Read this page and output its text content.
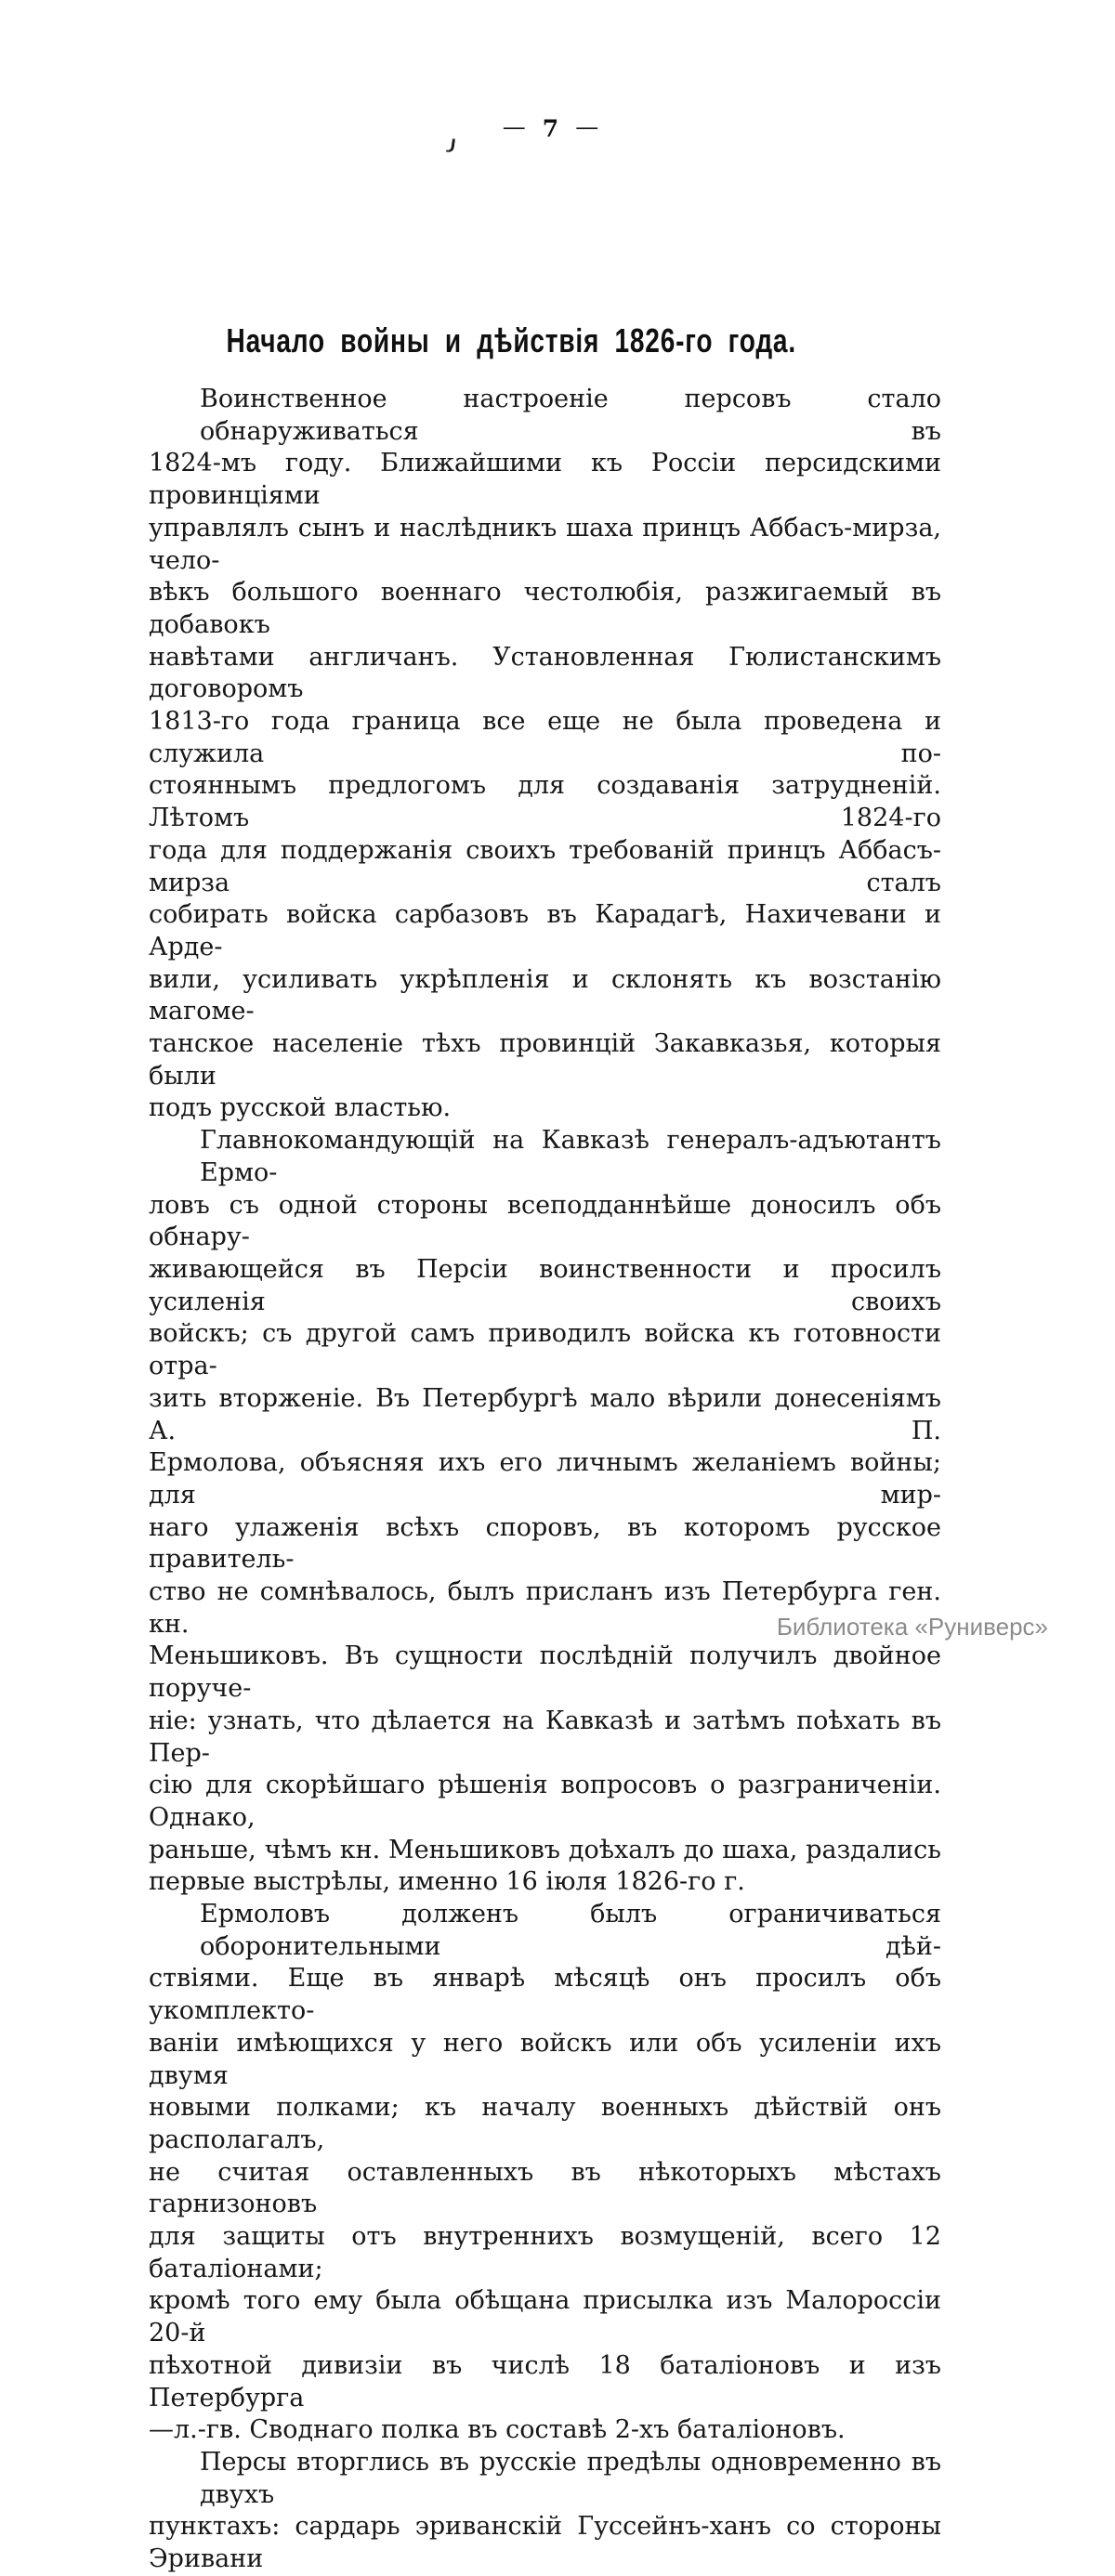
— 7 —
Начало войны и дѣйствія 1826-го года.
Воинственное настроеніе персовъ стало обнаруживаться въ
1824-мъ году. Ближайшими къ Россіи персидскими провинціями
управлялъ сынъ и наслѣдникъ шаха принцъ Аббасъ-мирза, чело-
вѣкъ большого военнаго честолюбія, разжигаемый въ добавокъ
навѣтами англичанъ. Установленная Гюлистанскимъ договоромъ
1813-го года граница все еще не была проведена и служила по-
стояннымъ предлогомъ для создаванія затрудненій. Лѣтомъ 1824-го
года для поддержанія своихъ требованій принцъ Аббасъ-мирза сталъ
собирать войска сарбазовъ въ Карадагѣ, Нахичевани и Арде-
вили, усиливать укрѣпленія и склонять къ возстанію магоме-
танское населеніе тѣхъ провинцій Закавказья, которыя были
подъ русской властью.
Главнокомандующій на Кавказѣ генералъ-адъютантъ Ермо-
ловъ съ одной стороны всеподданнѣйше доносилъ объ обнару-
живающейся въ Персіи воинственности и просилъ усиленія своихъ
войскъ; съ другой самъ приводилъ войска къ готовности отра-
зить вторженіе. Въ Петербургѣ мало вѣрили донесеніямъ А. П.
Ермолова, объясняя ихъ его личнымъ желаніемъ войны; для мир-
наго улаженія всѣхъ споровъ, въ которомъ русское правитель-
ство не сомнѣвалось, былъ присланъ изъ Петербурга ген. кн.
Меньшиковъ. Въ сущности послѣдній получилъ двойное поруче-
ніе: узнать, что дѣлается на Кавказѣ и затѣмъ поѣхать въ Пер-
сію для скорѣйшаго рѣшенія вопросовъ о разграниченіи. Однако,
раньше, чѣмъ кн. Меньшиковъ доѣхалъ до шаха, раздались
первые выстрѣлы, именно 16 іюля 1826-го г.
Ермоловъ долженъ былъ ограничиваться оборонительными дѣй-
ствіями. Еще въ январѣ мѣсяцѣ онъ просилъ объ укомплекто-
ваніи имѣющихся у него войскъ или объ усиленіи ихъ двумя
новыми полками; къ началу военныхъ дѣйствій онъ располагалъ,
не считая оставленныхъ въ нѣкоторыхъ мѣстахъ гарнизоновъ
для защиты отъ внутреннихъ возмущеній, всего 12 баталіонами;
кромѣ того ему была обѣщана присылка изъ Малороссіи 20-й
пѣхотной дивизіи въ числѣ 18 баталіоновъ и изъ Петербурга
—л.-гв. Своднаго полка въ составѣ 2-хъ баталіоновъ.
Персы вторглись въ русскіе предѣлы одновременно въ двухъ
пунктахъ: сардарь эриванскій Гуссейнъ-ханъ со стороны Эривани
Библиотека «Руниверс»
